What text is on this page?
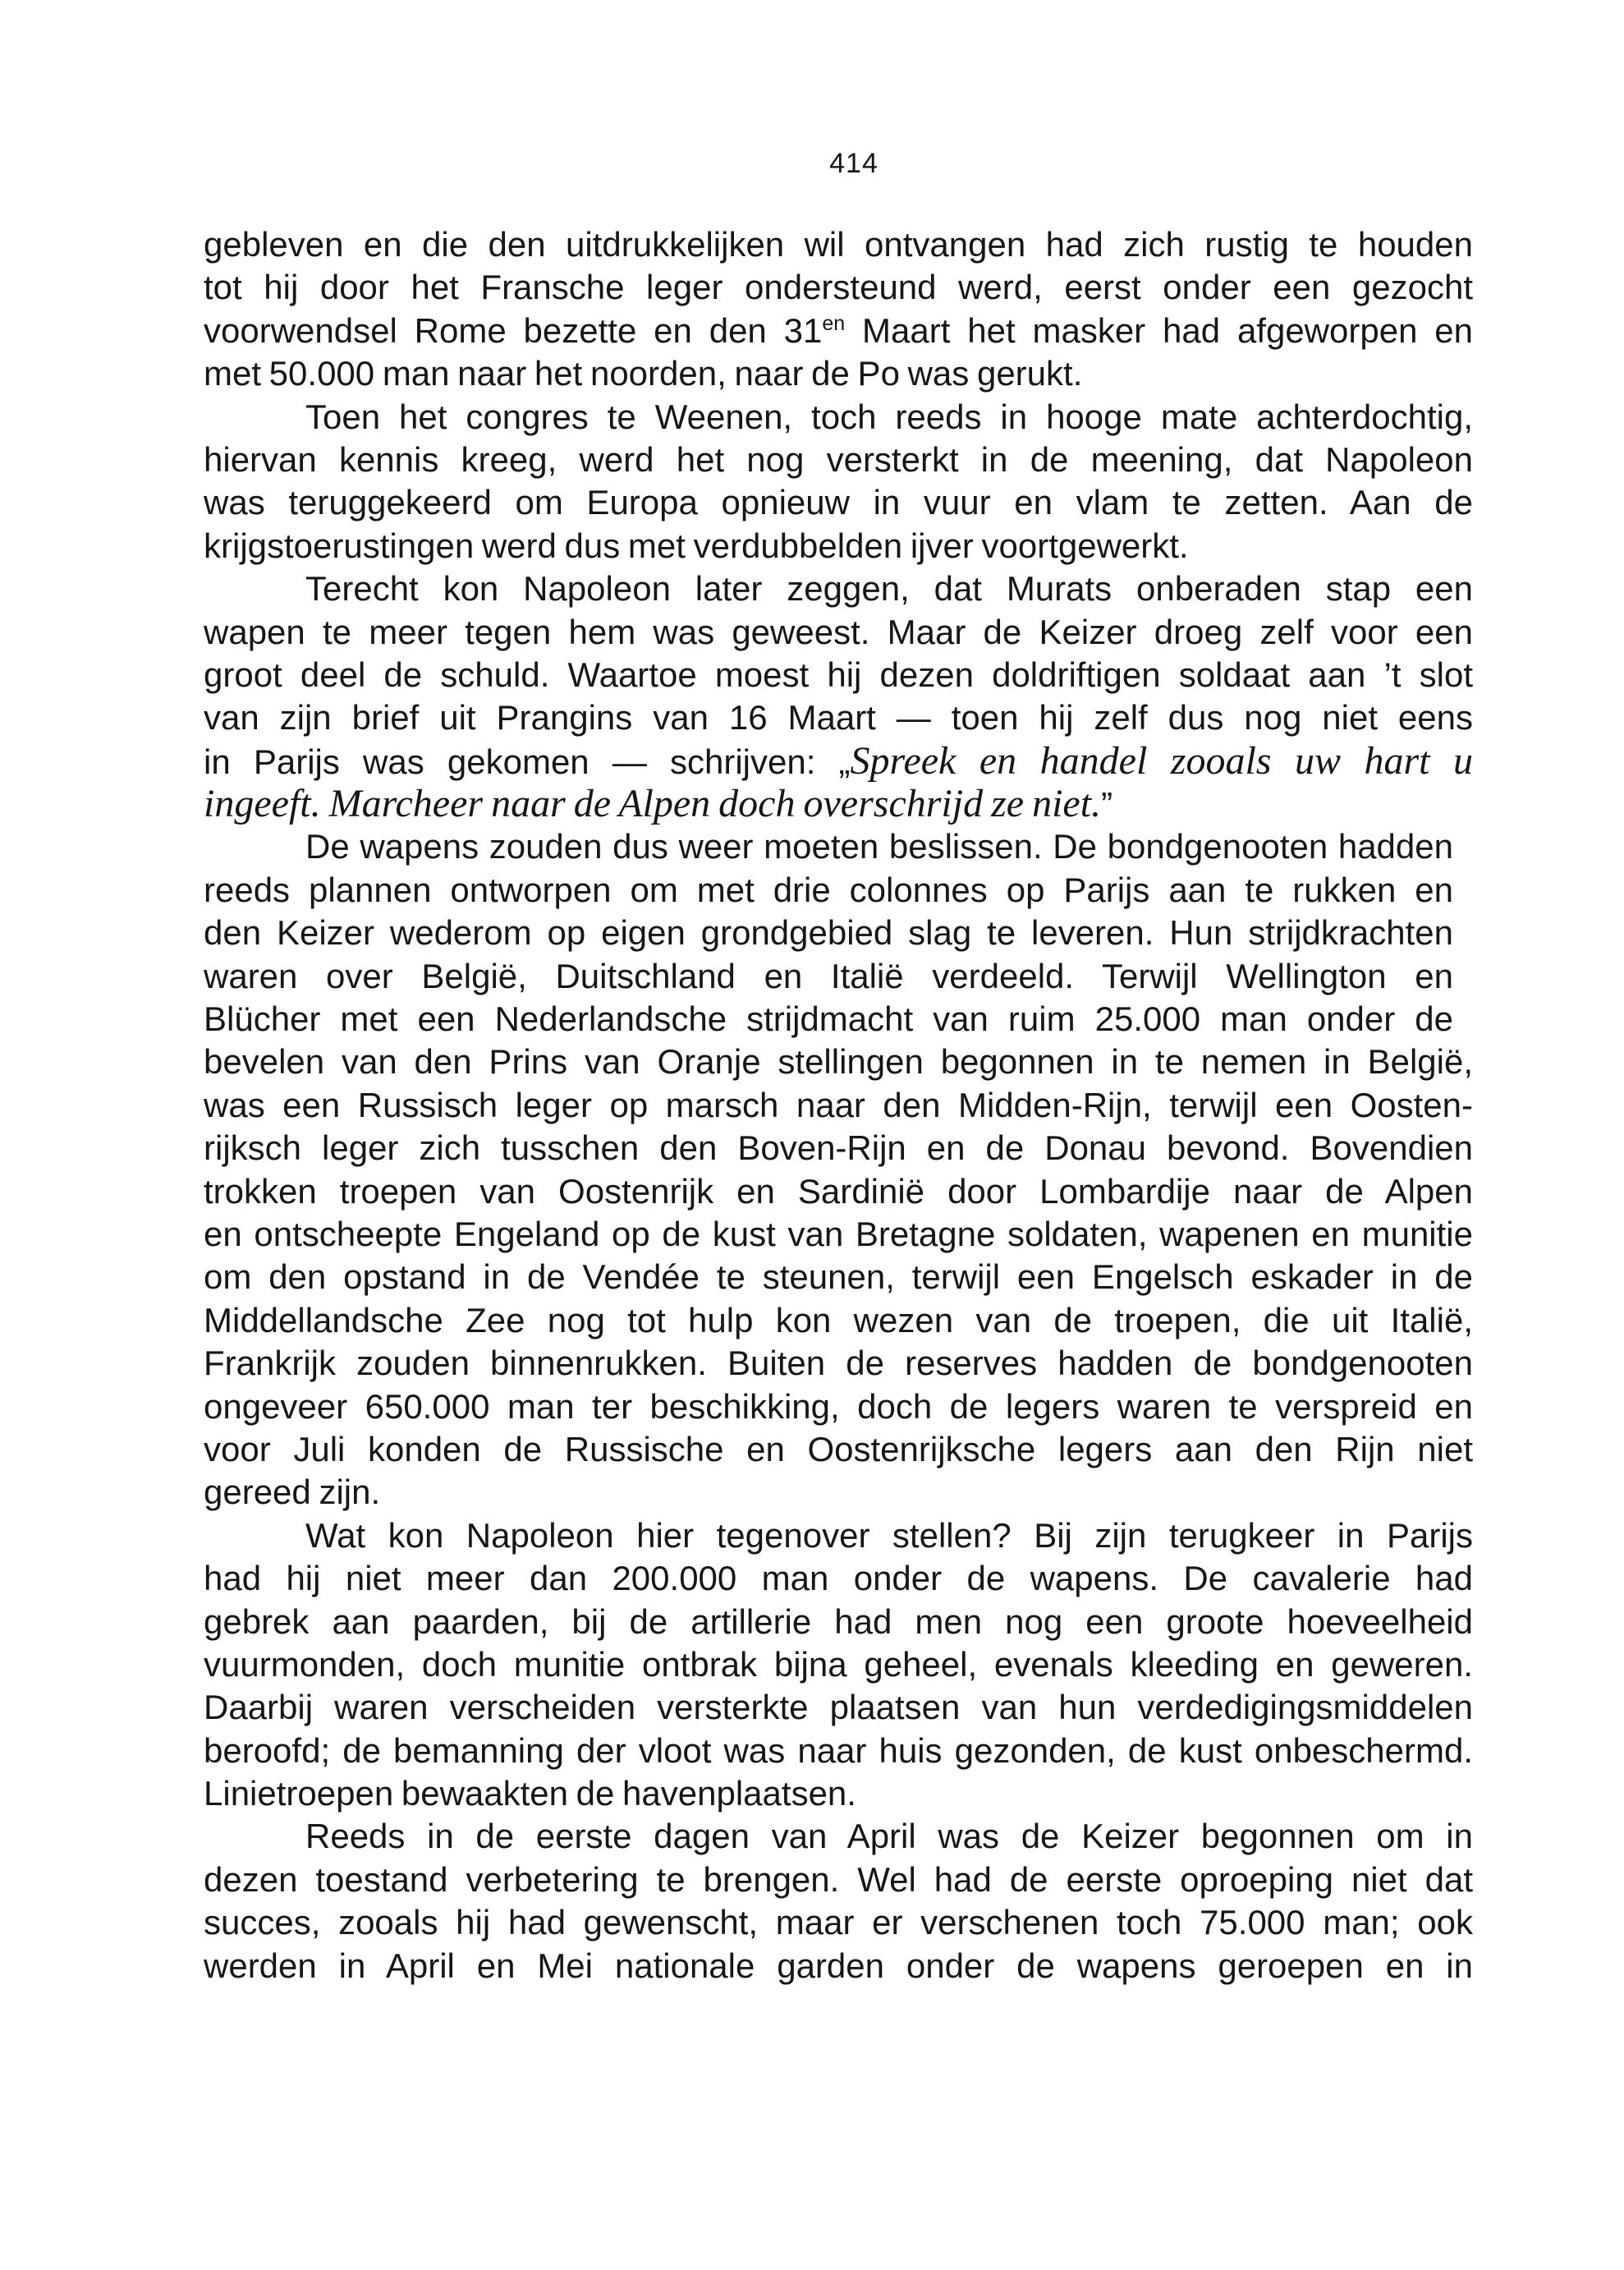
414
gebleven en die den uitdrukkelijken wil ontvangen had zich rustig te houden
tot hij door het Fransche leger ondersteund werd, eerst onder een gezocht
voorwendsel Rome bezette en den $31^{en}$ Maart het masker had afgeworpen en
met 50.000 man naar het noorden, naar de Po was gerukt.
Toen het congres te Weenen, toch reeds in hooge mate achterdochtig,
hiervan kennis kreeg, werd het nog versterkt in de meening, dat Napoleon
was teruggekeerd om Europa opnieuw in vuur en vlam te zetten. Aan de
krijgstoerustingen werd dus met verdubbelden ijver voortgewerkt.
Terecht kon Napoleon later zeggen, dat Murats onberaden stap een
wapen te meer tegen hem was geweest. Maar de Keizer droeg zelf voor een
groot deel de schuld. Waartoe moest hij dezen doldriftigen soldaat aan ’t slot
van zijn brief uit Prangins van 16 Maart — toen hij zelf dus nog niet eens
in Parijs was gekomen — schrijven: „Spreek en handel zooals uw hart u
ingeeft. Marcheer naar de Alpen doch overschrijd ze niet.”
De wapens zouden dus weer moeten beslissen. De bondgenooten hadden
reeds plannen ontworpen om met drie colonnes op Parijs aan te rukken en
den Keizer wederom op eigen grondgebied slag te leveren. Hun strijdkrachten
waren over België, Duitschland en Italië verdeeld. Terwijl Wellington en
Blücher met een Nederlandsche strijdmacht van ruim 25.000 man onder de
bevelen van den Prins van Oranje stellingen begonnen in te nemen in België,
was een Russisch leger op marsch naar den Midden-Rijn, terwijl een Oosten-
rijksch leger zich tusschen den Boven-Rijn en de Donau bevond. Bovendien
trokken troepen van Oostenrijk en Sardinië door Lombardije naar de Alpen
en ontscheepte Engeland op de kust van Bretagne soldaten, wapenen en munitie
om den opstand in de Vendée te steunen, terwijl een Engelsch eskader in de
Middellandsche Zee nog tot hulp kon wezen van de troepen, die uit Italië,
Frankrijk zouden binnenrukken. Buiten de reserves hadden de bondgenooten
ongeveer 650.000 man ter beschikking, doch de legers waren te verspreid en
voor Juli konden de Russische en Oostenrijksche legers aan den Rijn niet
gereed zijn.
Wat kon Napoleon hier tegenover stellen? Bij zijn terugkeer in Parijs
had hij niet meer dan 200.000 man onder de wapens. De cavalerie had
gebrek aan paarden, bij de artillerie had men nog een groote hoeveelheid
vuurmonden, doch munitie ontbrak bijna geheel, evenals kleeding en geweren.
Daarbij waren verscheiden versterkte plaatsen van hun verdedigingsmiddelen
beroofd; de bemanning der vloot was naar huis gezonden, de kust onbeschermd.
Linietroepen bewaakten de havenplaatsen.
Reeds in de eerste dagen van April was de Keizer begonnen om in
dezen toestand verbetering te brengen. Wel had de eerste oproeping niet dat
succes, zooals hij had gewenscht, maar er verschenen toch 75.000 man; ook
werden in April en Mei nationale garden onder de wapens geroepen en in
